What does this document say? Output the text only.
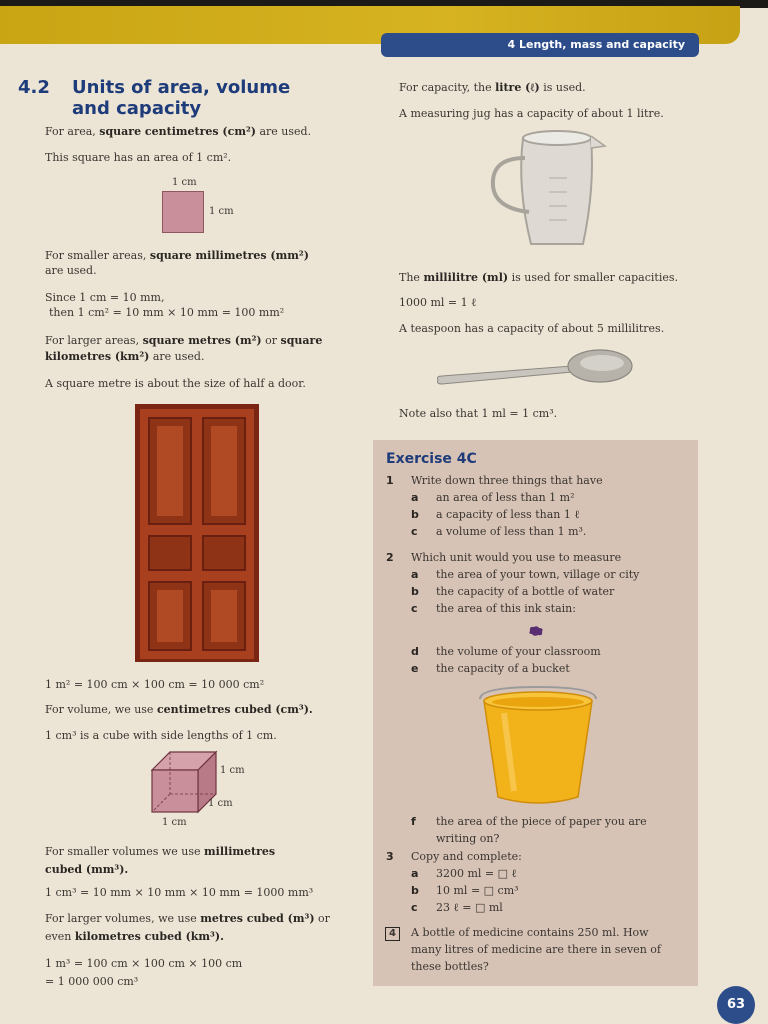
4 Length, mass and capacity
4.2 Units of area, volume
and capacity
For area, square centimetres (cm²) are used.
This square has an area of 1 cm².
1 cm
1 cm
For smaller areas, square millimetres (mm²)
are used.
Since 1 cm = 10 mm,
then 1 cm² = 10 mm × 10 mm = 100 mm²
For larger areas, square metres (m²) or square
kilometres (km²) are used.
A square metre is about the size of half a door.
1 m² = 100 cm × 100 cm = 10 000 cm²
For volume, we use centimetres cubed (cm³).
1 cm³ is a cube with side lengths of 1 cm.
1 cm
1 cm
1 cm
For smaller volumes we use millimetres
cubed (mm³).
1 cm³ = 10 mm × 10 mm × 10 mm = 1000 mm³
For larger volumes, we use metres cubed (m³) or
even kilometres cubed (km³).
1 m³ = 100 cm × 100 cm × 100 cm
= 1 000 000 cm³
For capacity, the litre (ℓ) is used.
A measuring jug has a capacity of about 1 litre.
The millilitre (ml) is used for smaller capacities.
1000 ml = 1 ℓ
A teaspoon has a capacity of about 5 millilitres.
Note also that 1 ml = 1 cm³.
Exercise 4C
1 Write down three things that have
a an area of less than 1 m²
b a capacity of less than 1 ℓ
c a volume of less than 1 m³.
2 Which unit would you use to measure
a the area of your town, village or city
b the capacity of a bottle of water
c the area of this ink stain:
d the volume of your classroom
e the capacity of a bucket
f the area of the piece of paper you are
writing on?
3 Copy and complete:
a 3200 ml = □ ℓ
b 10 ml = □ cm³
c 23 ℓ = □ ml
4	A bottle of medicine contains 250 ml. How
many litres of medicine are there in seven of
these bottles?
63
